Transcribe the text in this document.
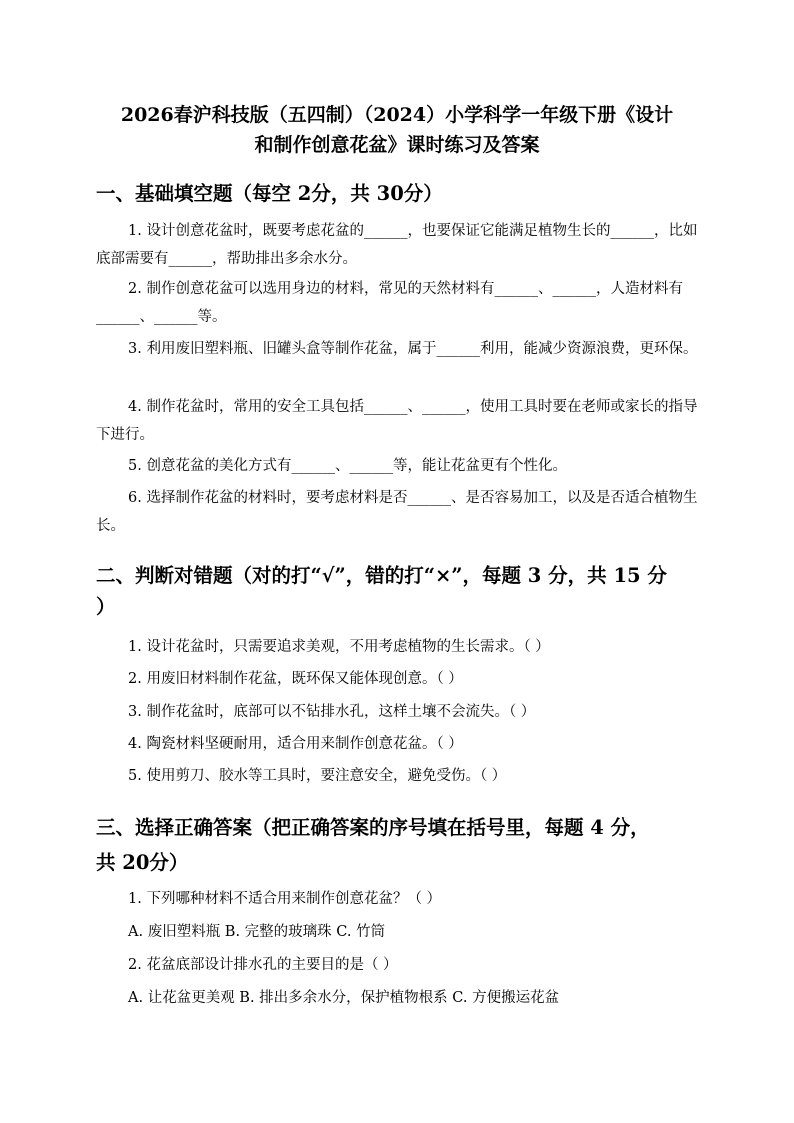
2026春沪科技版（五四制）（2024）小学科学一年级下册《设计
和制作创意花盆》课时练习及答案
一、基础填空题（每空 2分，共 30分）
1. 设计创意花盆时，既要考虑花盆的______，也要保证它能满足植物生长的______，比如底部需要有______，帮助排出多余水分。
2. 制作创意花盆可以选用身边的材料，常见的天然材料有______、______，人造材料有______、______等。
3. 利用废旧塑料瓶、旧罐头盒等制作花盆，属于______利用，能减少资源浪费，更环保。
4. 制作花盆时，常用的安全工具包括______、______，使用工具时要在老师或家长的指导下进行。
5. 创意花盆的美化方式有______、______等，能让花盆更有个性化。
6. 选择制作花盆的材料时，要考虑材料是否______、是否容易加工，以及是否适合植物生长。
二、判断对错题（对的打“√”，错的打“×”，每题 3 分，共 15 分
）
1. 设计花盆时，只需要追求美观，不用考虑植物的生长需求。（ ）
2. 用废旧材料制作花盆，既环保又能体现创意。（ ）
3. 制作花盆时，底部可以不钻排水孔，这样土壤不会流失。（ ）
4. 陶瓷材料坚硬耐用，适合用来制作创意花盆。（ ）
5. 使用剪刀、胶水等工具时，要注意安全，避免受伤。（ ）
三、选择正确答案（把正确答案的序号填在括号里，每题 4 分，
共 20分）
1. 下列哪种材料不适合用来制作创意花盆？（ ）
A. 废旧塑料瓶 B. 完整的玻璃珠 C. 竹筒
2. 花盆底部设计排水孔的主要目的是（ ）
A. 让花盆更美观 B. 排出多余水分，保护植物根系 C. 方便搬运花盆
